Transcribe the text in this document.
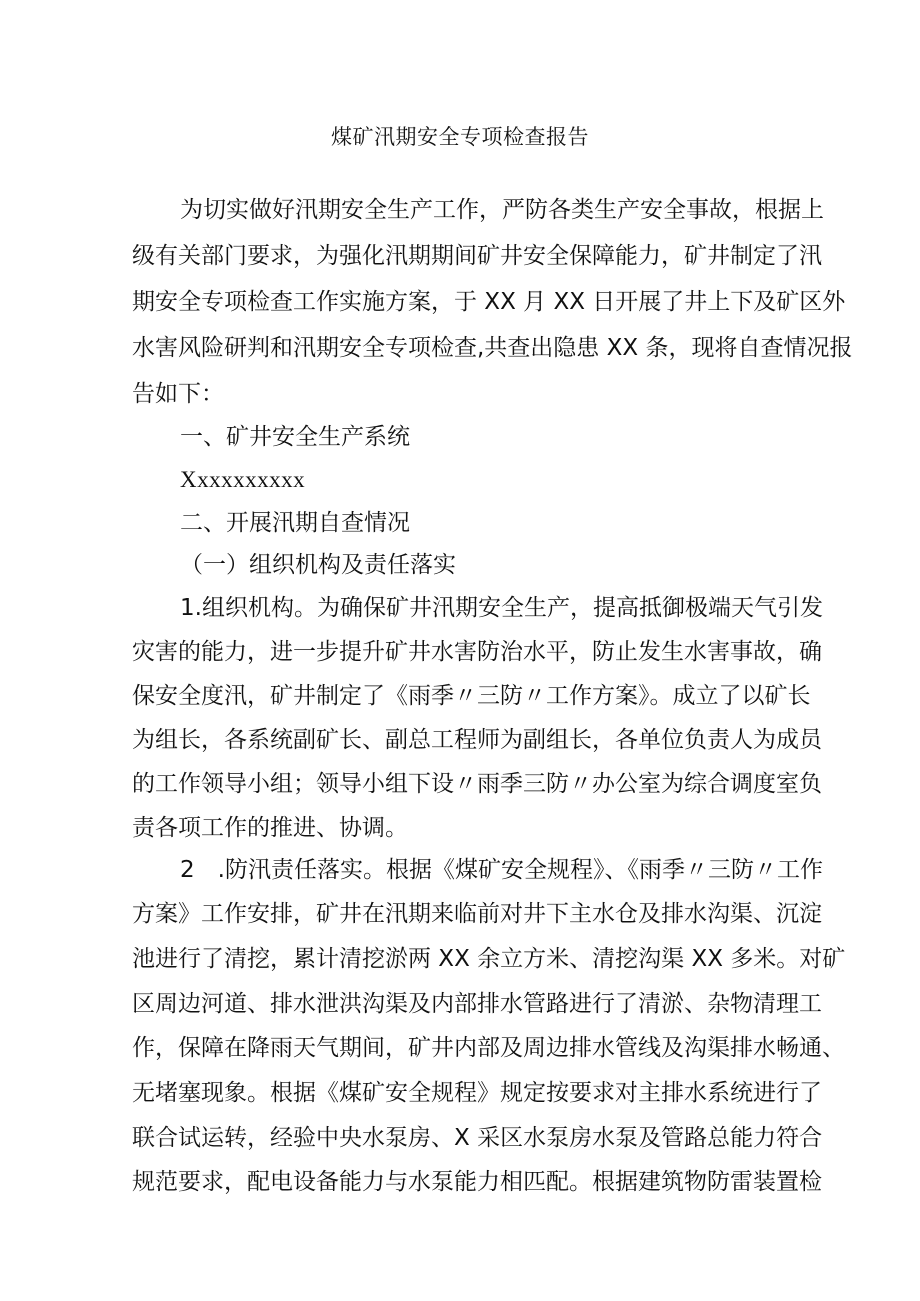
煤矿汛期安全专项检查报告
为切实做好汛期安全生产工作，严防各类生产安全事故，根据上
级有关部门要求，为强化汛期期间矿井安全保障能力，矿井制定了汛
期安全专项检查工作实施方案，于 XX 月 XX 日开展了井上下及矿区外
水害风险研判和汛期安全专项检查,共查出隐患 XX 条，现将自查情况报
告如下：
一、矿井安全生产系统
Xxxxxxxxxx
二、开展汛期自查情况
（一）组织机构及责任落实
1.组织机构。为确保矿井汛期安全生产，提高抵御极端天气引发
灾害的能力，进一步提升矿井水害防治水平，防止发生水害事故，确
保安全度汛，矿井制定了《雨季〃三防〃工作方案》。成立了以矿长
为组长，各系统副矿长、副总工程师为副组长，各单位负责人为成员
的工作领导小组；领导小组下设〃雨季三防〃办公室为综合调度室负
责各项工作的推进、协调。
2　.防汛责任落实。根据《煤矿安全规程》、《雨季〃三防〃工作
方案》工作安排，矿井在汛期来临前对井下主水仓及排水沟渠、沉淀
池进行了清挖，累计清挖淤两 XX 余立方米、清挖沟渠 XX 多米。对矿
区周边河道、排水泄洪沟渠及内部排水管路进行了清淤、杂物清理工
作，保障在降雨天气期间，矿井内部及周边排水管线及沟渠排水畅通、
无堵塞现象。根据《煤矿安全规程》规定按要求对主排水系统进行了
联合试运转，经验中央水泵房、X 采区水泵房水泵及管路总能力符合
规范要求，配电设备能力与水泵能力相匹配。根据建筑物防雷装置检
